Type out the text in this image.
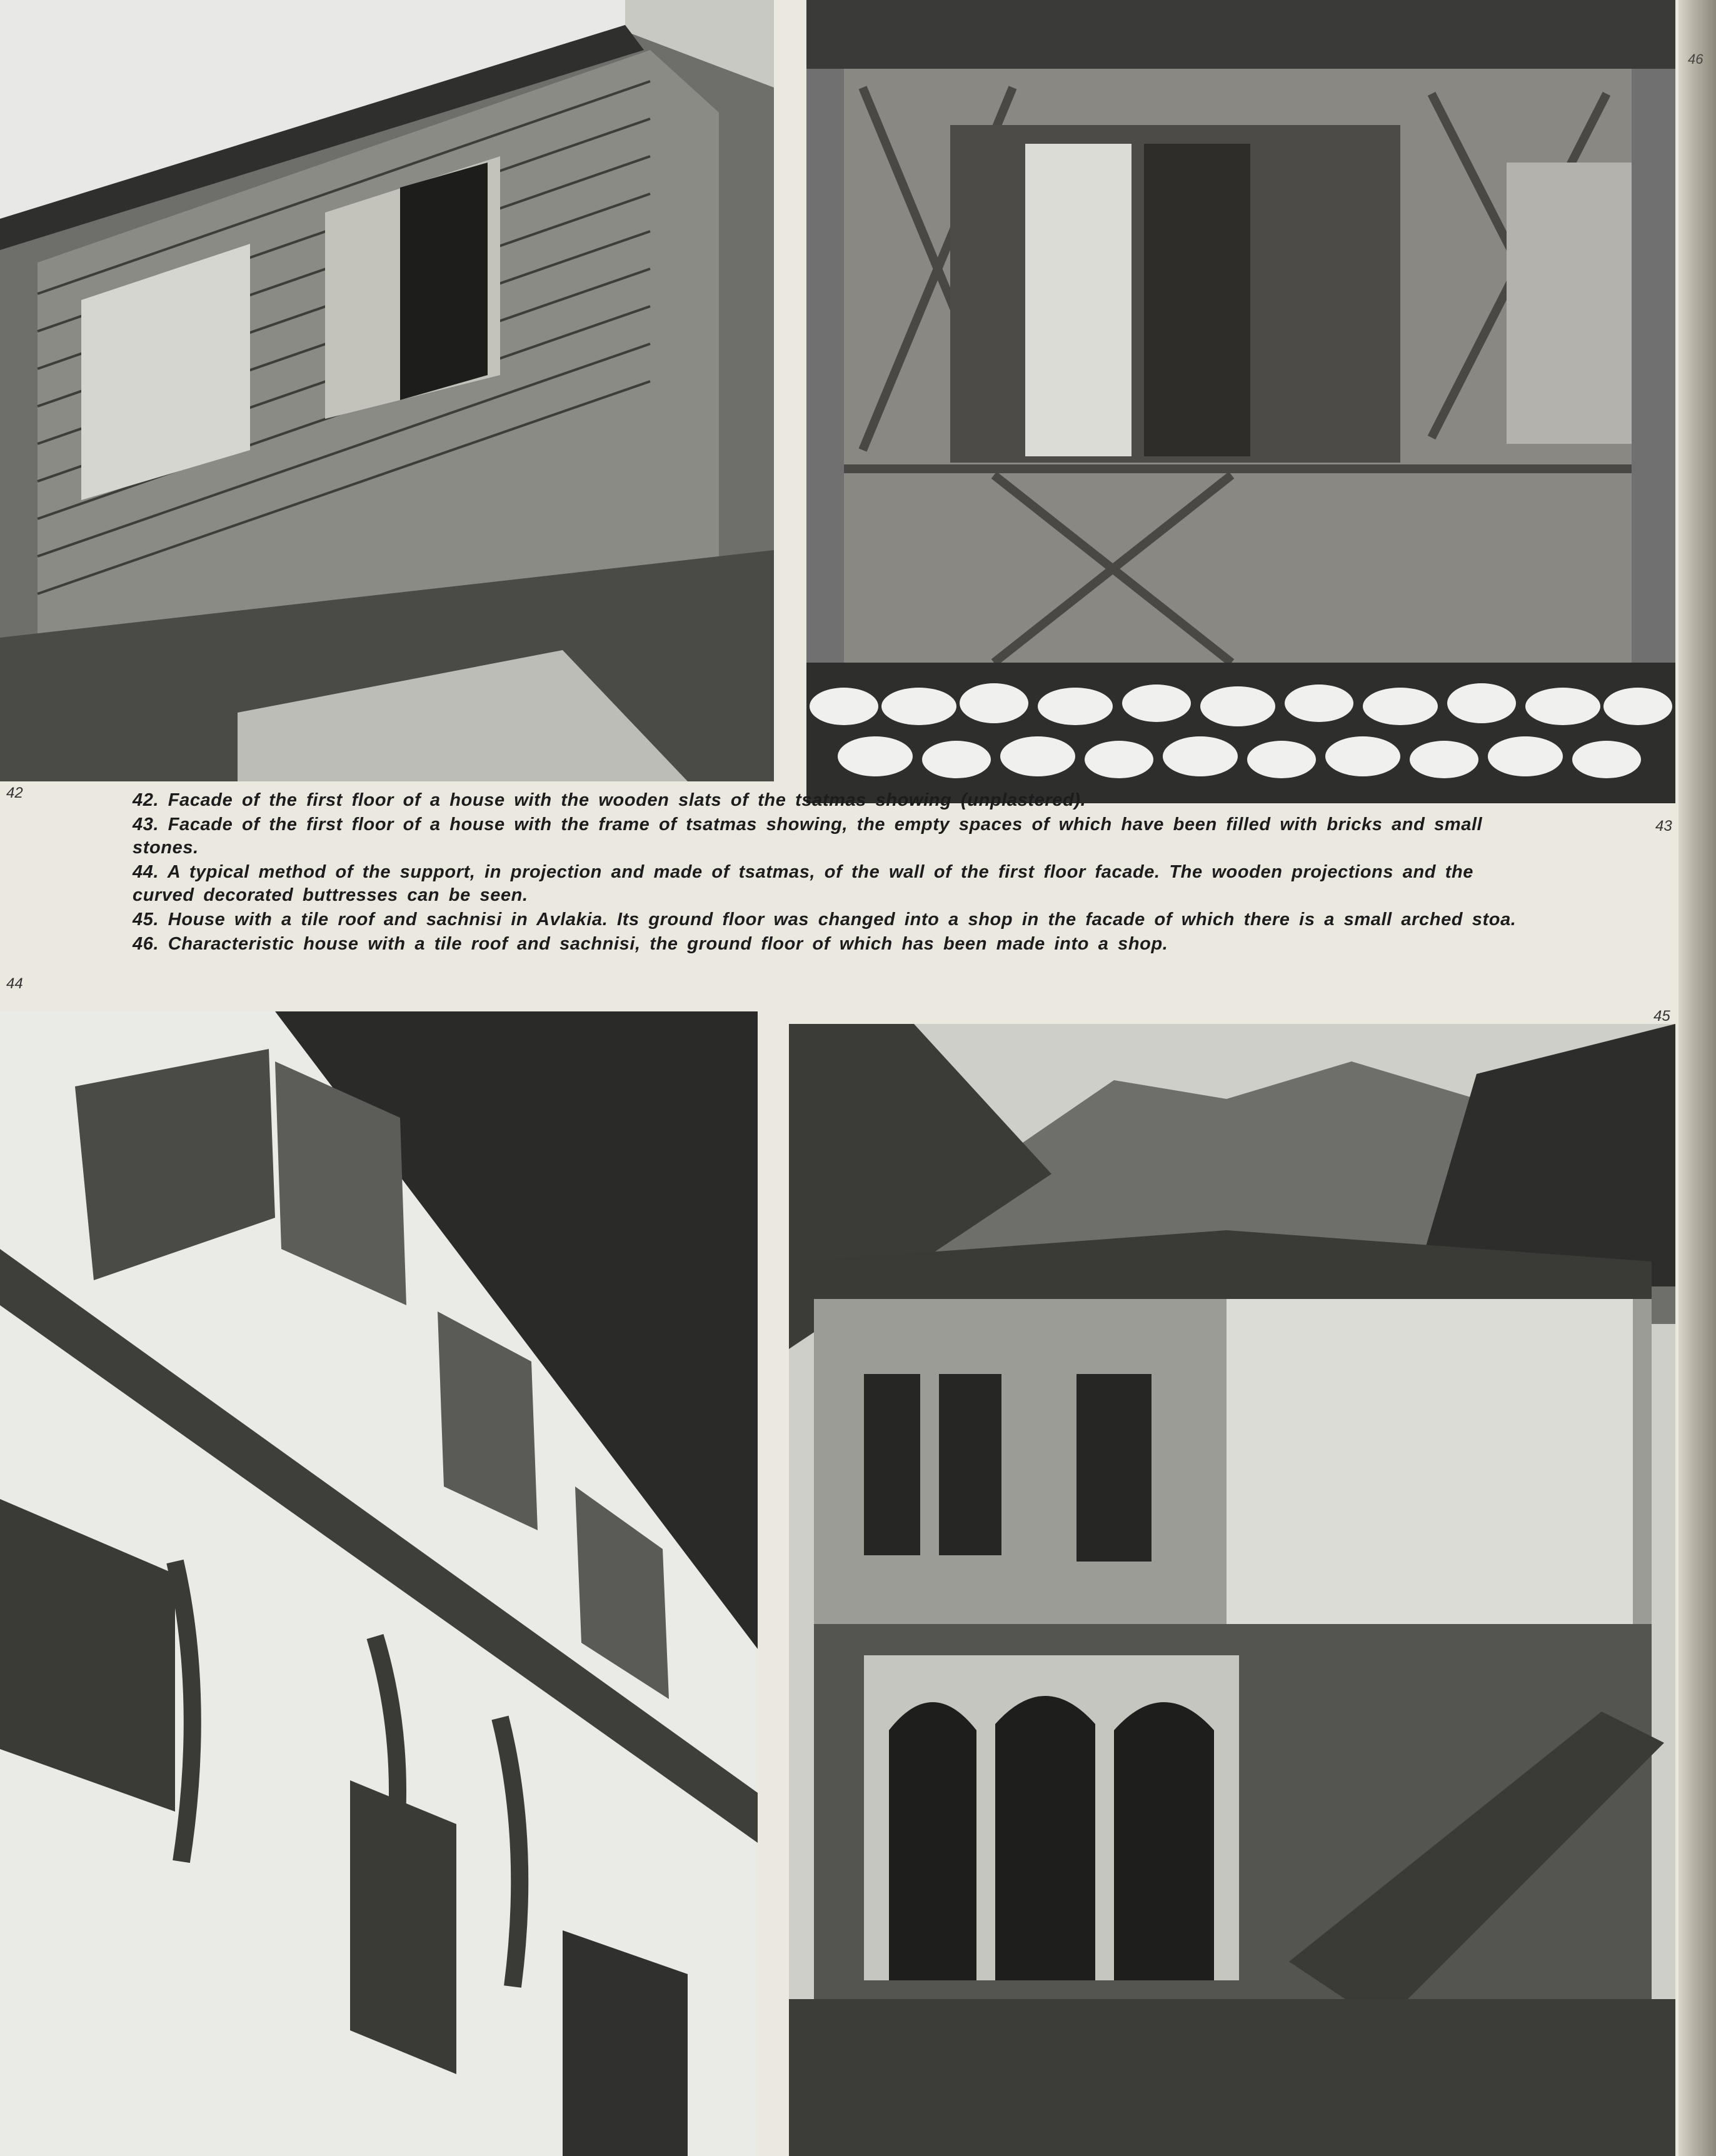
42
43
44
45

42. Facade of the first floor of a house with the wooden slats of the tsatmas showing (unplastered).

43. Facade of the first floor of a house with the frame of tsatmas showing, the empty spaces of which have been filled with bricks and small stones.

44. A typical method of the support, in projection and made of tsatmas, of the wall of the first floor facade. The wooden projections and the curved decorated buttresses can be seen.

45. House with a tile roof and sachnisi in Avlakia. Its ground floor was changed into a shop in the facade of which there is a small arched stoa.

46. Characteristic house with a tile roof and sachnisi, the ground floor of which has been made into a shop.

46
